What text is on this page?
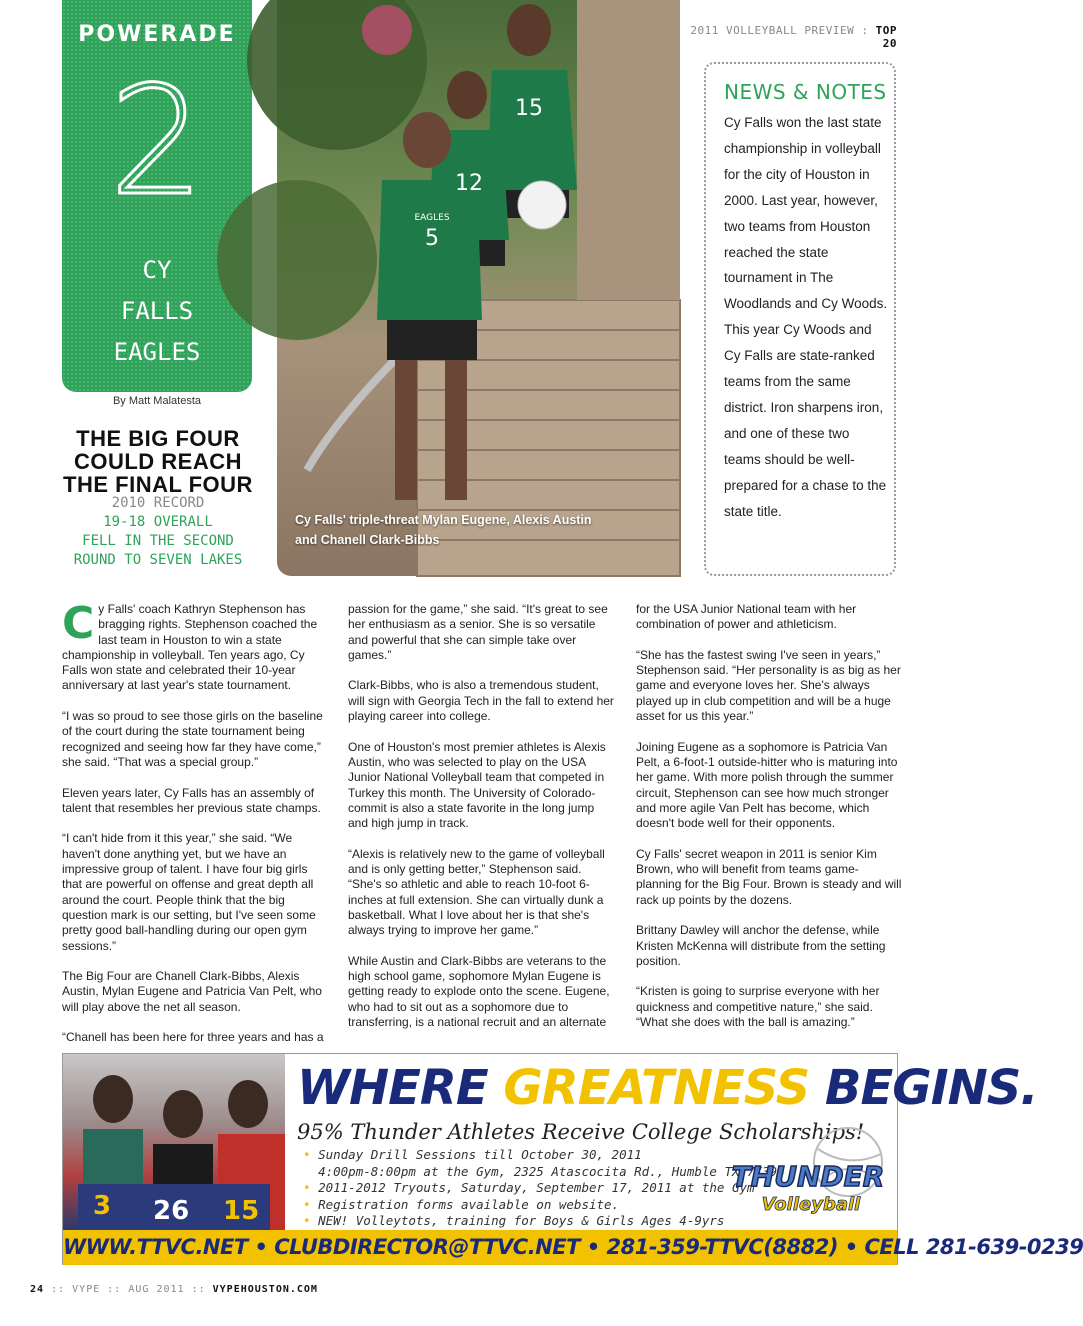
POWERADE
2
CY
FALLS
EAGLES
By Matt Malatesta
THE BIG FOUR COULD REACH THE FINAL FOUR
2010 RECORD
19-18 OVERALL
FELL IN THE SECOND ROUND TO SEVEN LAKES
15
12
5
EAGLES
Cy Falls' triple-threat Mylan Eugene, Alexis Austin and Chanell Clark-Bibbs
2011 VOLLEYBALL PREVIEW : TOP 20
NEWS & NOTES
Cy Falls won the last state championship in volleyball for the city of Houston in 2000. Last year, however, two teams from Houston reached the state tournament in The Woodlands and Cy Woods. This year Cy Woods and Cy Falls are state-ranked teams from the same district. Iron sharpens iron, and one of these two teams should be well-prepared for a chase to the state title.

Cy Falls' coach Kathryn Stephenson has bragging rights. Stephenson coached the last team in Houston to win a state championship in volleyball. Ten years ago, Cy Falls won state and celebrated their 10-year anniversary at last year's state tournament.

“I was so proud to see those girls on the baseline of the court during the state tournament being recognized and seeing how far they have come,” she said. “That was a special group.”

Eleven years later, Cy Falls has an assembly of talent that resembles her previous state champs.

“I can't hide from it this year,” she said. “We haven't done anything yet, but we have an impressive group of talent. I have four big girls that are powerful on offense and great depth all around the court. People think that the big question mark is our setting, but I've seen some pretty good ball-handling during our open gym sessions.”

The Big Four are Chanell Clark-Bibbs, Alexis Austin, Mylan Eugene and Patricia Van Pelt, who will play above the net all season.

“Chanell has been here for three years and has a

passion for the game,” she said. “It's great to see her enthusiasm as a senior. She is so versatile and powerful that she can simple take over games.”

Clark-Bibbs, who is also a tremendous student, will sign with Georgia Tech in the fall to extend her playing career into college.

One of Houston's most premier athletes is Alexis Austin, who was selected to play on the USA Junior National Volleyball team that competed in Turkey this month. The University of Colorado-commit is also a state favorite in the long jump and high jump in track.

“Alexis is relatively new to the game of volleyball and is only getting better,” Stephenson said. “She's so athletic and able to reach 10-foot 6-inches at full extension. She can virtually dunk a basketball. What I love about her is that she's always trying to improve her game.”

While Austin and Clark-Bibbs are veterans to the high school game, sophomore Mylan Eugene is getting ready to explode onto the scene. Eugene, who had to sit out as a sophomore due to transferring, is a national recruit and an alternate

for the USA Junior National team with her combination of power and athleticism.

“She has the fastest swing I've seen in years,” Stephenson said. “Her personality is as big as her game and everyone loves her. She's always played up in club competition and will be a huge asset for us this year.”

Joining Eugene as a sophomore is Patricia Van Pelt, a 6-foot-1 outside-hitter who is maturing into her game. With more polish through the summer circuit, Stephenson can see how much stronger and more agile Van Pelt has become, which doesn't bode well for their opponents.

Cy Falls' secret weapon in 2011 is senior Kim Brown, who will benefit from teams game-planning for the Big Four. Brown is steady and will rack up points by the dozens.

Brittany Dawley will anchor the defense, while Kristen McKenna will distribute from the setting position.

“Kristen is going to surprise everyone with her quickness and competitive nature,” she said. “What she does with the ball is amazing.”

3 26 15
WHERE GREATNESS BEGINS.
95% Thunder Athletes Receive College Scholarships!
• Sunday Drill Sessions till October 30, 2011
4:00pm-8:00pm at the Gym, 2325 Atascocita Rd., Humble TX 77396
• 2011-2012 Tryouts, Saturday, September 17, 2011 at the Gym
• Registration forms available on website.
• NEW! Volleytots, training for Boys & Girls Ages 4-9yrs
THUNDER
Volleyball
WWW.TTVC.NET • CLUBDIRECTOR@TTVC.NET • 281-359-TTVC(8882) • CELL 281-639-0239
24 :: VYPE :: AUG 2011 :: VYPEHOUSTON.COM
